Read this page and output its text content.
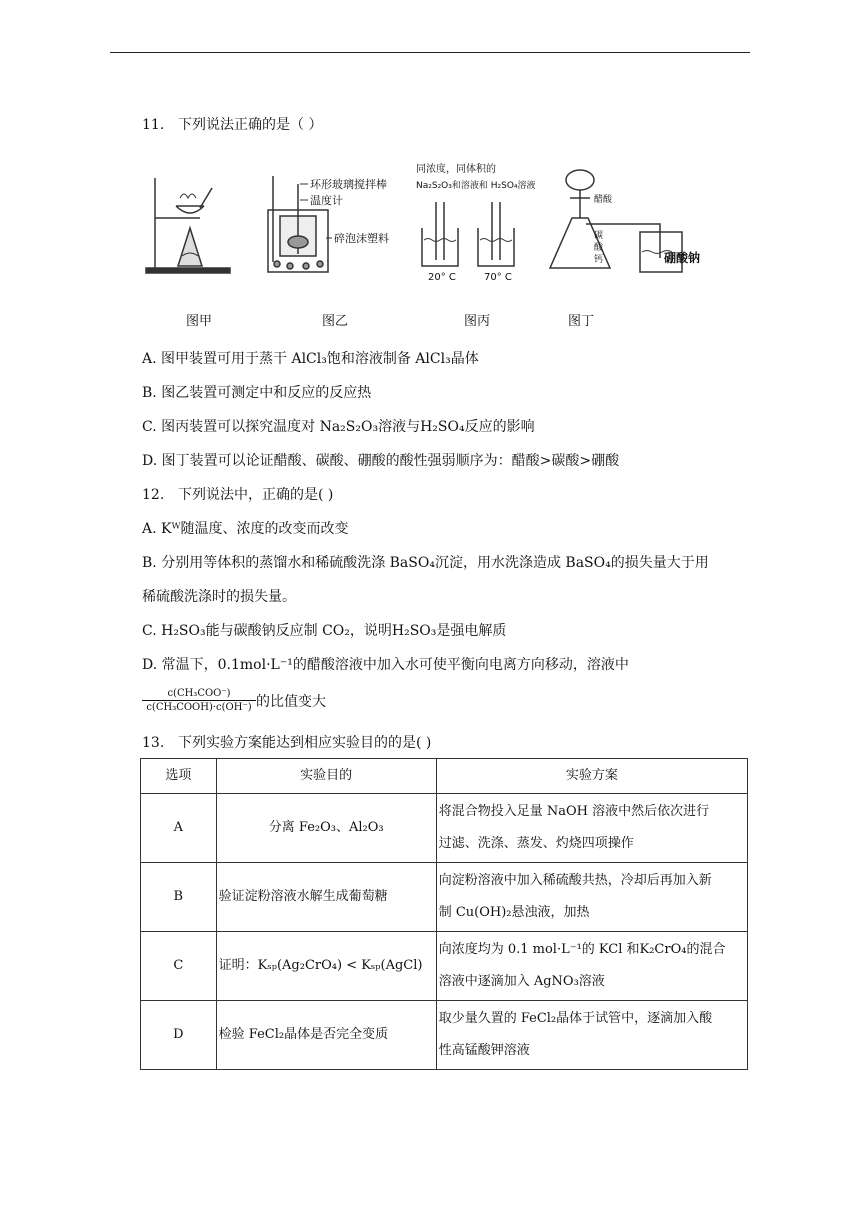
11. 下列说法正确的是（ ）
环形玻璃搅拌棒
温度计
碎泡沫塑料
同浓度，同体积的
Na₂S₂O₃和溶液和 H₂SO₄溶液
20° C	70° C
醋酸
碳
酸
钙	硼酸钠
图甲	图乙	图丙	图丁
A. 图甲装置可用于蒸干 AlCl₃饱和溶液制备 AlCl₃晶体
B. 图乙装置可测定中和反应的反应热
C. 图丙装置可以探究温度对 Na₂S₂O₃溶液与H₂SO₄反应的影响
D. 图丁装置可以论证醋酸、碳酸、硼酸的酸性强弱顺序为：醋酸>碳酸>硼酸
12. 下列说法中，正确的是( )
A. Kᵂ随温度、浓度的改变而改变
B. 分别用等体积的蒸馏水和稀硫酸洗涤 BaSO₄沉淀，用水洗涤造成 BaSO₄的损失量大于用
稀硫酸洗涤时的损失量。
C. H₂SO₃能与碳酸钠反应制 CO₂，说明H₂SO₃是强电解质
D. 常温下，0.1mol·L⁻¹的醋酸溶液中加入水可使平衡向电离方向移动，溶液中
c(CH₃COO⁻)
c(CH₃COOH)·c(OH⁻) 的比值变大
13. 下列实验方案能达到相应实验目的的是( )
选项	实验目的	实验方案
A	分离 Fe₂O₃、Al₂O₃	将混合物投入足量 NaOH 溶液中然后依次进行
过滤、洗涤、蒸发、灼烧四项操作

B	验证淀粉溶液水解生成葡萄糖	向淀粉溶液中加入稀硫酸共热，冷却后再加入新
制 Cu(OH)₂悬浊液，加热

C	证明：Kₛₚ(Ag₂CrO₄) < Kₛₚ(AgCl)	向浓度均为 0.1 mol·L⁻¹的 KCl 和K₂CrO₄的混合
溶液中逐滴加入 AgNO₃溶液

D	检验 FeCl₂晶体是否完全变质	取少量久置的 FeCl₂晶体于试管中，逐滴加入酸
性高锰酸钾溶液
